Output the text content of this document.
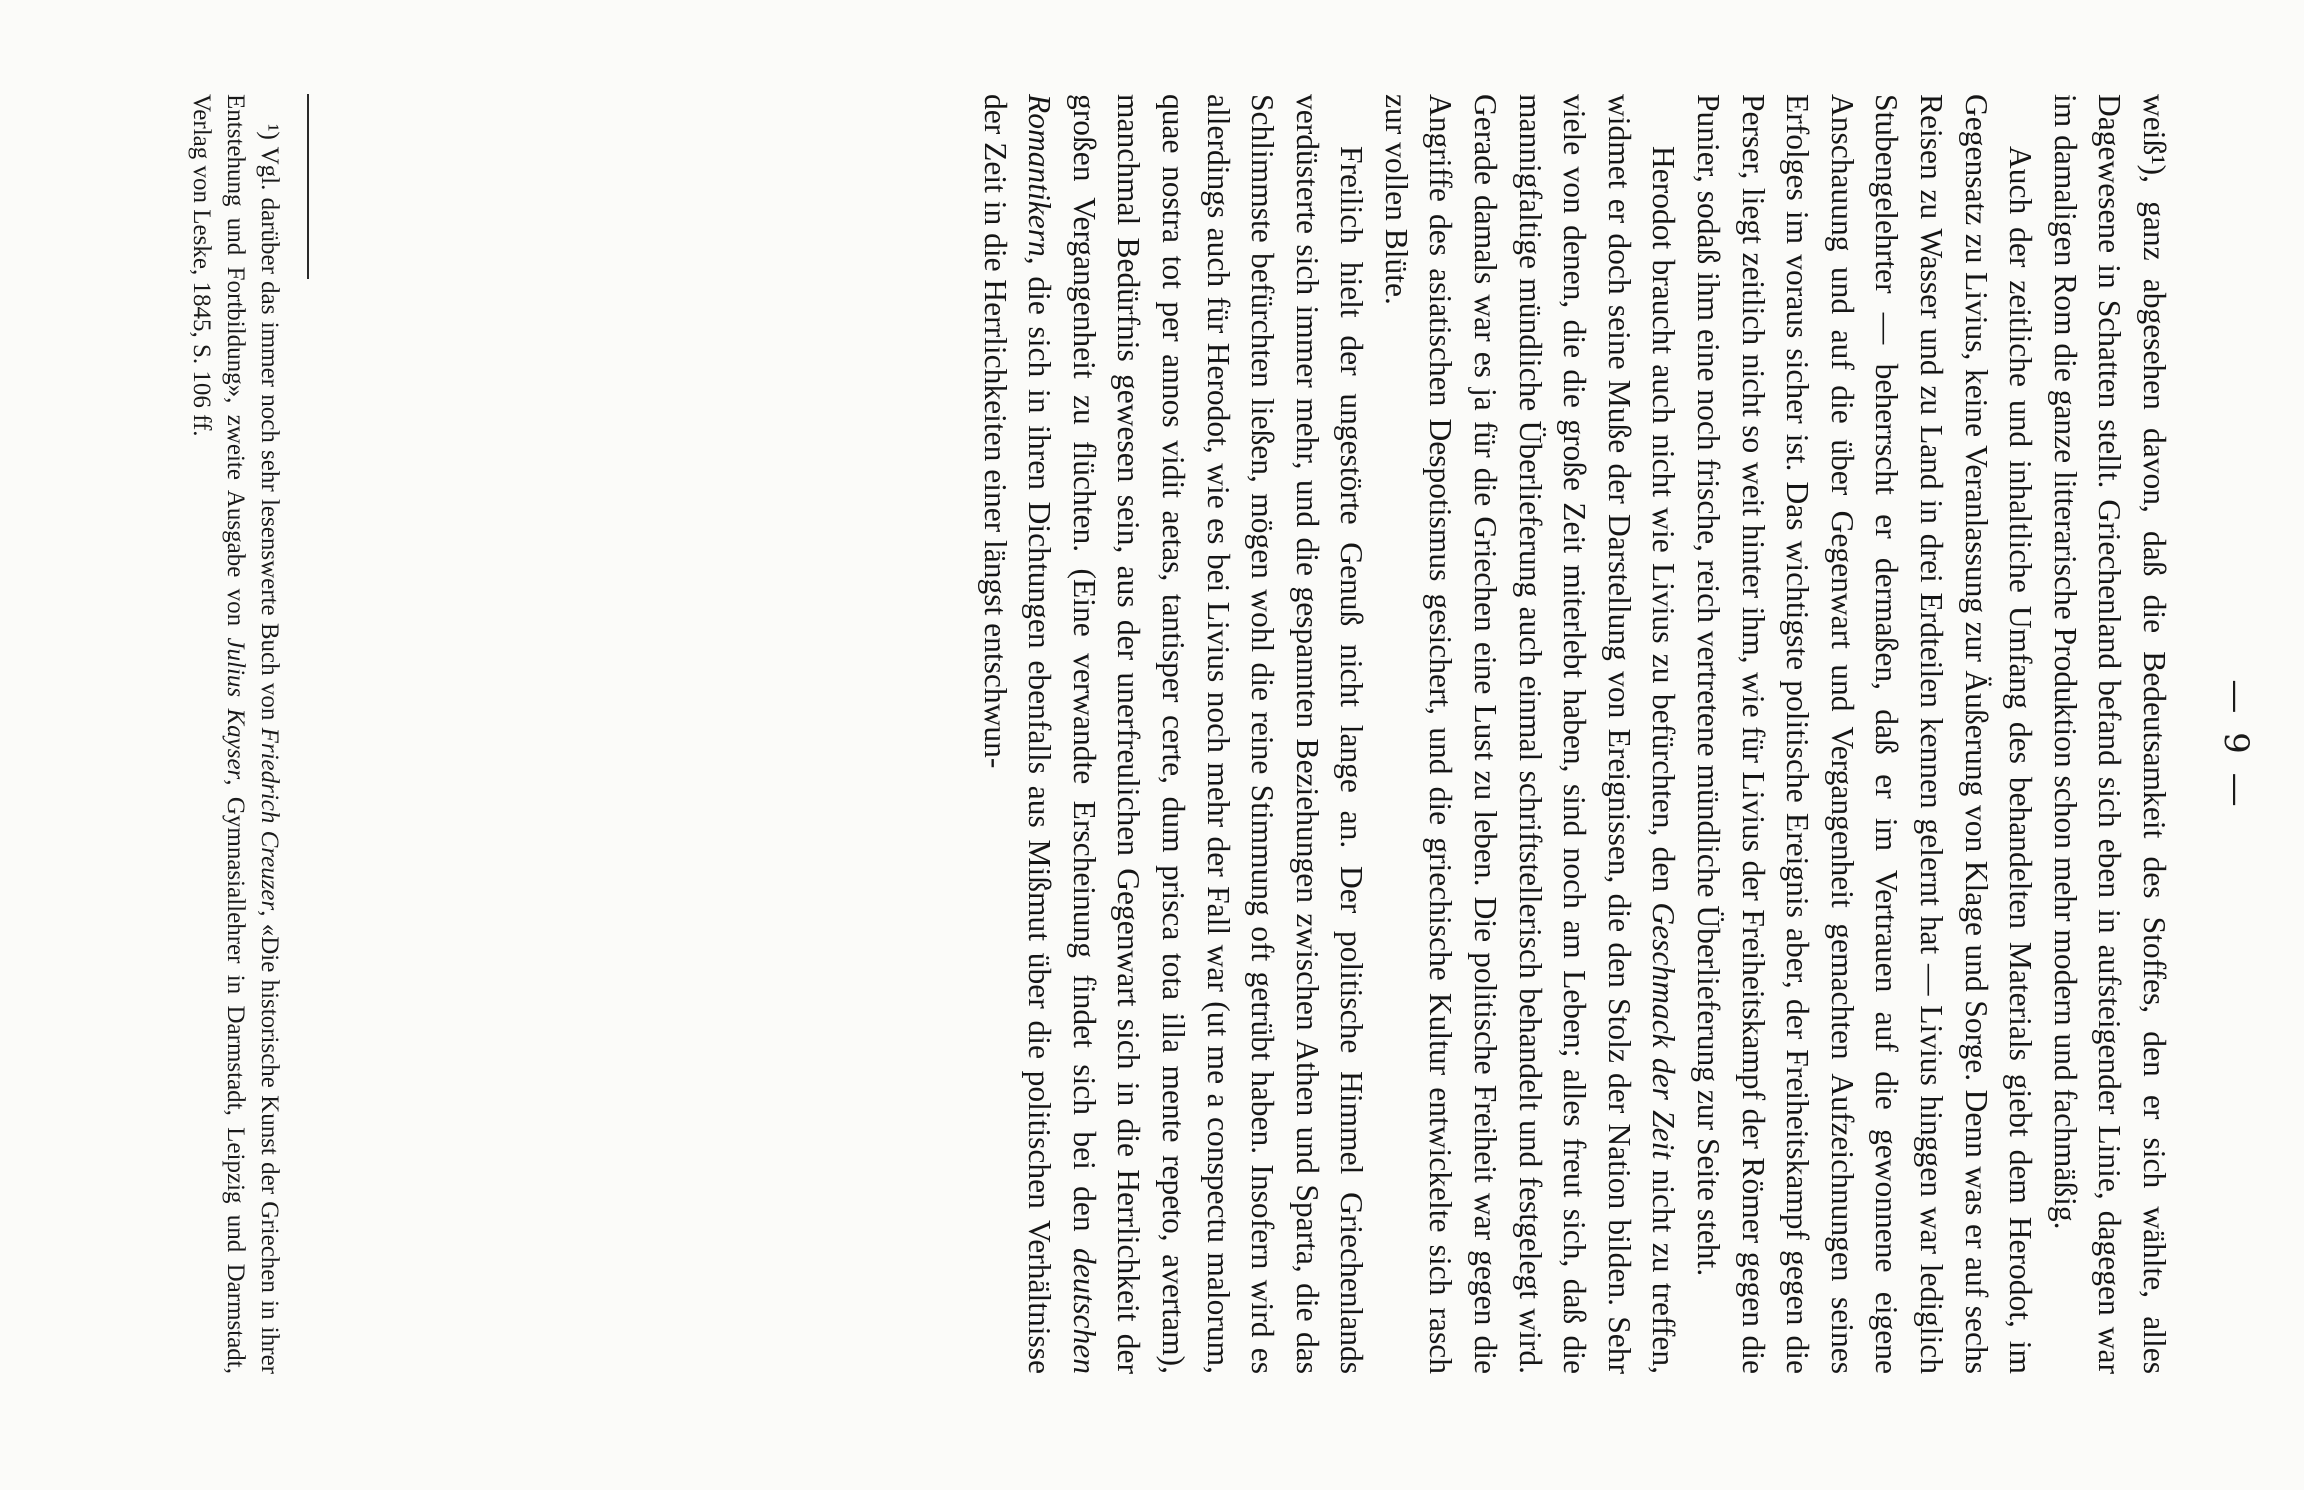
— 9 —

weiß¹), ganz abgesehen davon, daß die Bedeutsamkeit des Stoffes, den er sich wählte, alles Dagewesene in Schatten stellt. Griechenland befand sich eben in aufsteigender Linie, dagegen war im damaligen Rom die ganze litterarische Produktion schon mehr modern und fachmäßig.

Auch der zeitliche und inhaltliche Umfang des behandelten Materials giebt dem Herodot, im Gegensatz zu Livius, keine Veranlassung zur Äußerung von Klage und Sorge. Denn was er auf sechs Reisen zu Wasser und zu Land in drei Erdteilen kennen gelernt hat — Livius hinggen war lediglich Stubengelehrter — beherrscht er dermaßen, daß er im Vertrauen auf die gewonnene eigene Anschauung und auf die über Gegenwart und Vergangenheit gemachten Aufzeichnungen seines Erfolges im voraus sicher ist. Das wichtigste politische Ereignis aber, der Freiheitskampf gegen die Perser, liegt zeitlich nicht so weit hinter ihm, wie für Livius der Freiheitskampf der Römer gegen die Punier, sodaß ihm eine noch frische, reich vertretene mündliche Überlieferung zur Seite steht.

Herodot braucht auch nicht wie Livius zu befürchten, den Geschmack der Zeit nicht zu treffen, widmet er doch seine Muße der Darstellung von Ereignissen, die den Stolz der Nation bilden. Sehr viele von denen, die die große Zeit miterlebt haben, sind noch am Leben; alles freut sich, daß die mannigfaltige mündliche Überlieferung auch einmal schriftstellerisch behandelt und festgelegt wird. Gerade damals war es ja für die Griechen eine Lust zu leben. Die politische Freiheit war gegen die Angriffe des asiatischen Despotismus gesichert, und die griechische Kultur entwickelte sich rasch zur vollen Blüte.

Freilich hielt der ungestörte Genuß nicht lange an. Der politische Himmel Griechenlands verdüsterte sich immer mehr, und die gespannten Beziehungen zwischen Athen und Sparta, die das Schlimmste befürchten ließen, mögen wohl die reine Stimmung oft getrübt haben. Insofern wird es allerdings auch für Herodot, wie es bei Livius noch mehr der Fall war (ut me a conspectu malorum, quae nostra tot per annos vidit aetas, tantisper certe, dum prisca tota illa mente repeto, avertam), manchmal Bedürfnis gewesen sein, aus der unerfreulichen Gegenwart sich in die Herrlichkeit der großen Vergangenheit zu flüchten. (Eine verwandte Erscheinung findet sich bei den deutschen Romantikern, die sich in ihren Dichtungen ebenfalls aus Mißmut über die politischen Verhältnisse der Zeit in die Herrlichkeiten einer längst entschwun-

¹) Vgl. darüber das immer noch sehr lesenswerte Buch von Friedrich Creuzer, «Die historische Kunst der Griechen in ihrer Entstehung und Fortbildung», zweite Ausgabe von Julius Kayser, Gymnasiallehrer in Darmstadt, Leipzig und Darmstadt, Verlag von Leske, 1845, S. 106 ff.
